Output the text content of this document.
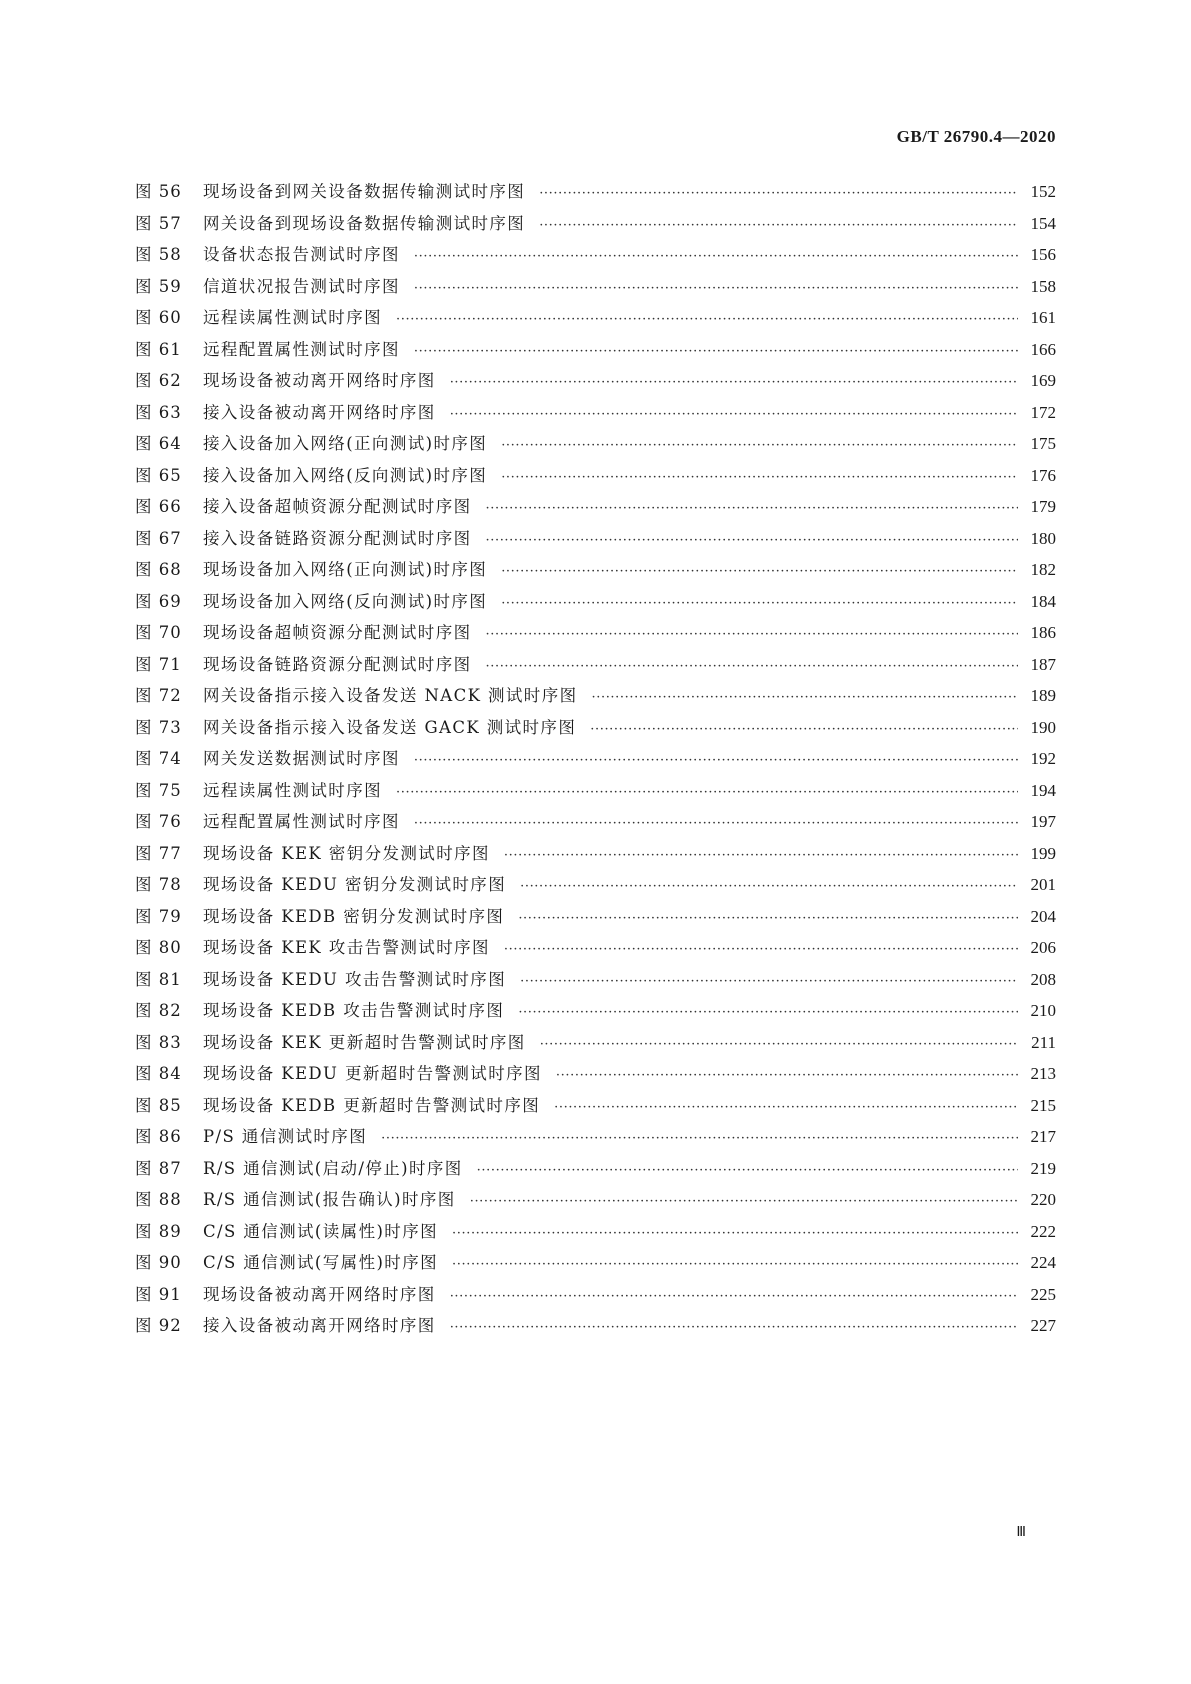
GB/T 26790.4—2020
图 56	现场设备到网关设备数据传输测试时序图 ·····	152
图 57	网关设备到现场设备数据传输测试时序图 ·····	154
图 58	设备状态报告测试时序图 ·····	156
图 59	信道状况报告测试时序图 ·····	158
图 60	远程读属性测试时序图 ·····	161
图 61	远程配置属性测试时序图 ·····	166
图 62	现场设备被动离开网络时序图 ·····	169
图 63	接入设备被动离开网络时序图 ·····	172
图 64	接入设备加入网络(正向测试)时序图 ·····	175
图 65	接入设备加入网络(反向测试)时序图 ·····	176
图 66	接入设备超帧资源分配测试时序图 ·····	179
图 67	接入设备链路资源分配测试时序图 ·····	180
图 68	现场设备加入网络(正向测试)时序图 ·····	182
图 69	现场设备加入网络(反向测试)时序图 ·····	184
图 70	现场设备超帧资源分配测试时序图 ·····	186
图 71	现场设备链路资源分配测试时序图 ·····	187
图 72	网关设备指示接入设备发送 NACK 测试时序图 ·····	189
图 73	网关设备指示接入设备发送 GACK 测试时序图 ·····	190
图 74	网关发送数据测试时序图 ·····	192
图 75	远程读属性测试时序图 ·····	194
图 76	远程配置属性测试时序图 ·····	197
图 77	现场设备 KEK 密钥分发测试时序图 ·····	199
图 78	现场设备 KEDU 密钥分发测试时序图 ·····	201
图 79	现场设备 KEDB 密钥分发测试时序图 ·····	204
图 80	现场设备 KEK 攻击告警测试时序图 ·····	206
图 81	现场设备 KEDU 攻击告警测试时序图 ·····	208
图 82	现场设备 KEDB 攻击告警测试时序图 ·····	210
图 83	现场设备 KEK 更新超时告警测试时序图 ·····	211
图 84	现场设备 KEDU 更新超时告警测试时序图 ·····	213
图 85	现场设备 KEDB 更新超时告警测试时序图 ·····	215
图 86	P/S 通信测试时序图 ·····	217
图 87	R/S 通信测试(启动/停止)时序图 ·····	219
图 88	R/S 通信测试(报告确认)时序图 ·····	220
图 89	C/S 通信测试(读属性)时序图 ·····	222
图 90	C/S 通信测试(写属性)时序图 ·····	224
图 91	现场设备被动离开网络时序图 ·····	225
图 92	接入设备被动离开网络时序图 ·····	227
Ⅲ
